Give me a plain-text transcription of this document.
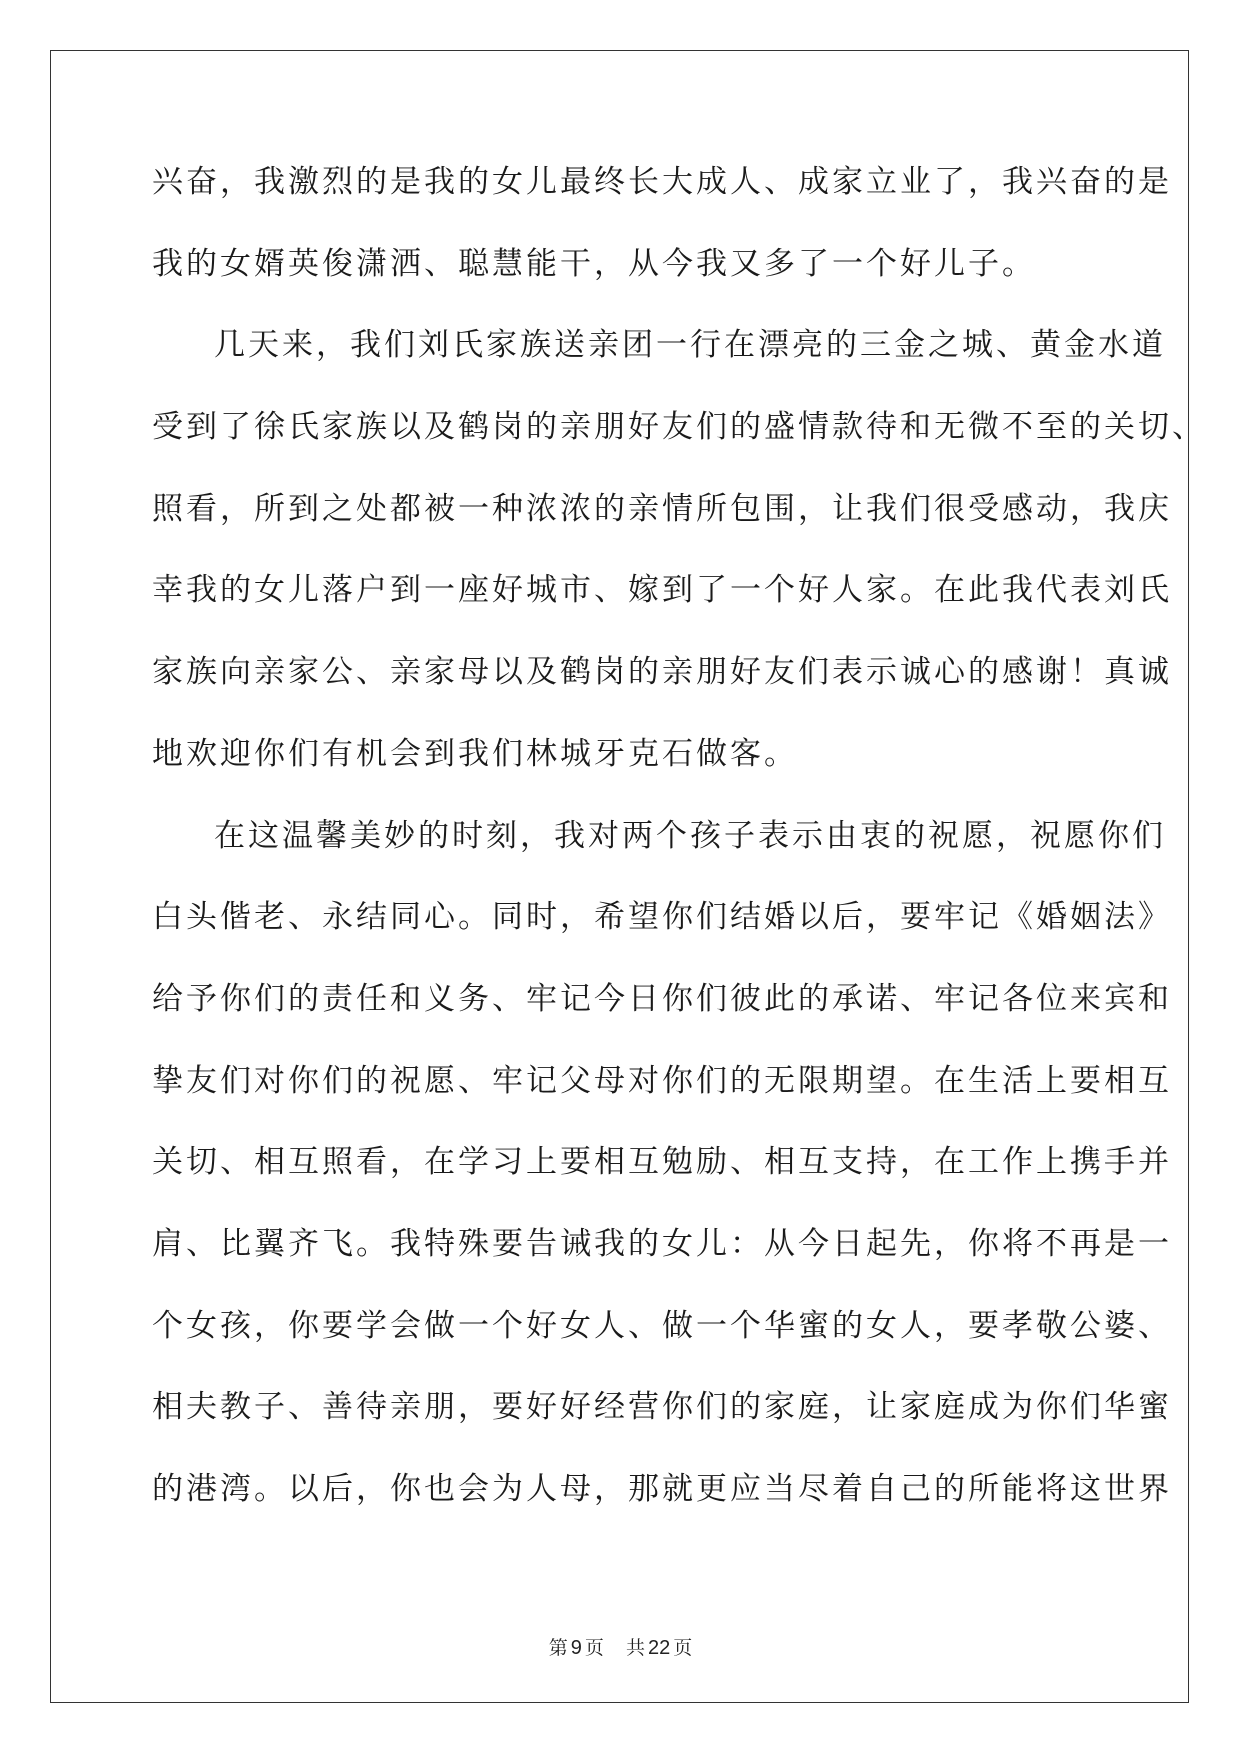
兴奋，我激烈的是我的女儿最终长大成人、成家立业了，我兴奋的是
我的女婿英俊潇洒、聪慧能干，从今我又多了一个好儿子。
几天来，我们刘氏家族送亲团一行在漂亮的三金之城、黄金水道
受到了徐氏家族以及鹤岗的亲朋好友们的盛情款待和无微不至的关切、
照看，所到之处都被一种浓浓的亲情所包围，让我们很受感动，我庆
幸我的女儿落户到一座好城市、嫁到了一个好人家。在此我代表刘氏
家族向亲家公、亲家母以及鹤岗的亲朋好友们表示诚心的感谢！真诚
地欢迎你们有机会到我们林城牙克石做客。
在这温馨美妙的时刻，我对两个孩子表示由衷的祝愿，祝愿你们
白头偕老、永结同心。同时，希望你们结婚以后，要牢记《婚姻法》
给予你们的责任和义务、牢记今日你们彼此的承诺、牢记各位来宾和
挚友们对你们的祝愿、牢记父母对你们的无限期望。在生活上要相互
关切、相互照看，在学习上要相互勉励、相互支持，在工作上携手并
肩、比翼齐飞。我特殊要告诫我的女儿：从今日起先，你将不再是一
个女孩，你要学会做一个好女人、做一个华蜜的女人，要孝敬公婆、
相夫教子、善待亲朋，要好好经营你们的家庭，让家庭成为你们华蜜
的港湾。以后，你也会为人母，那就更应当尽着自己的所能将这世界
第 9 页 共 22 页
